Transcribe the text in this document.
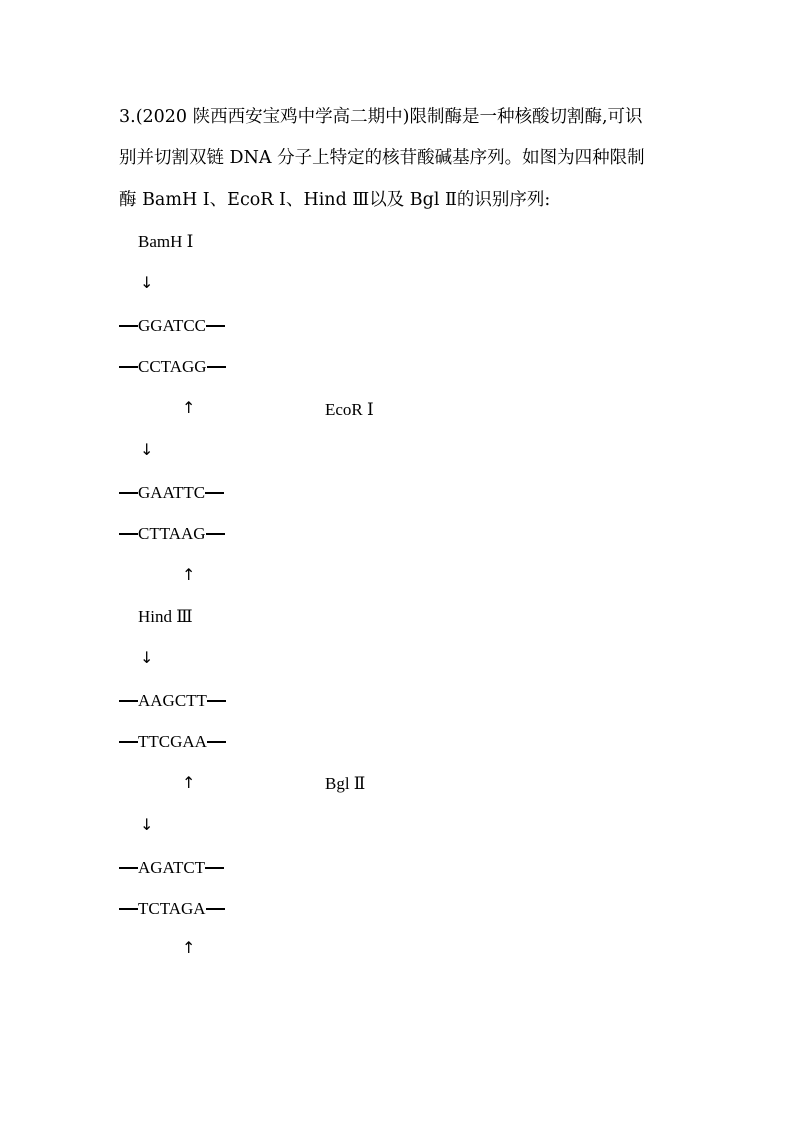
3.(2020 陕西西安宝鸡中学高二期中)限制酶是一种核酸切割酶,可识
别并切割双链 DNA 分子上特定的核苷酸碱基序列。如图为四种限制
酶 BamH Ⅰ、EcoR Ⅰ、Hind Ⅲ以及 Bgl Ⅱ的识别序列:
BamH Ⅰ
↓
GGATCC
CCTAGG
↑	EcoR Ⅰ
↓
GAATTC
CTTAAG
↑
Hind Ⅲ
↓
AAGCTT
TTCGAA
↑	Bgl Ⅱ
↓
AGATCT
TCTAGA
↑
